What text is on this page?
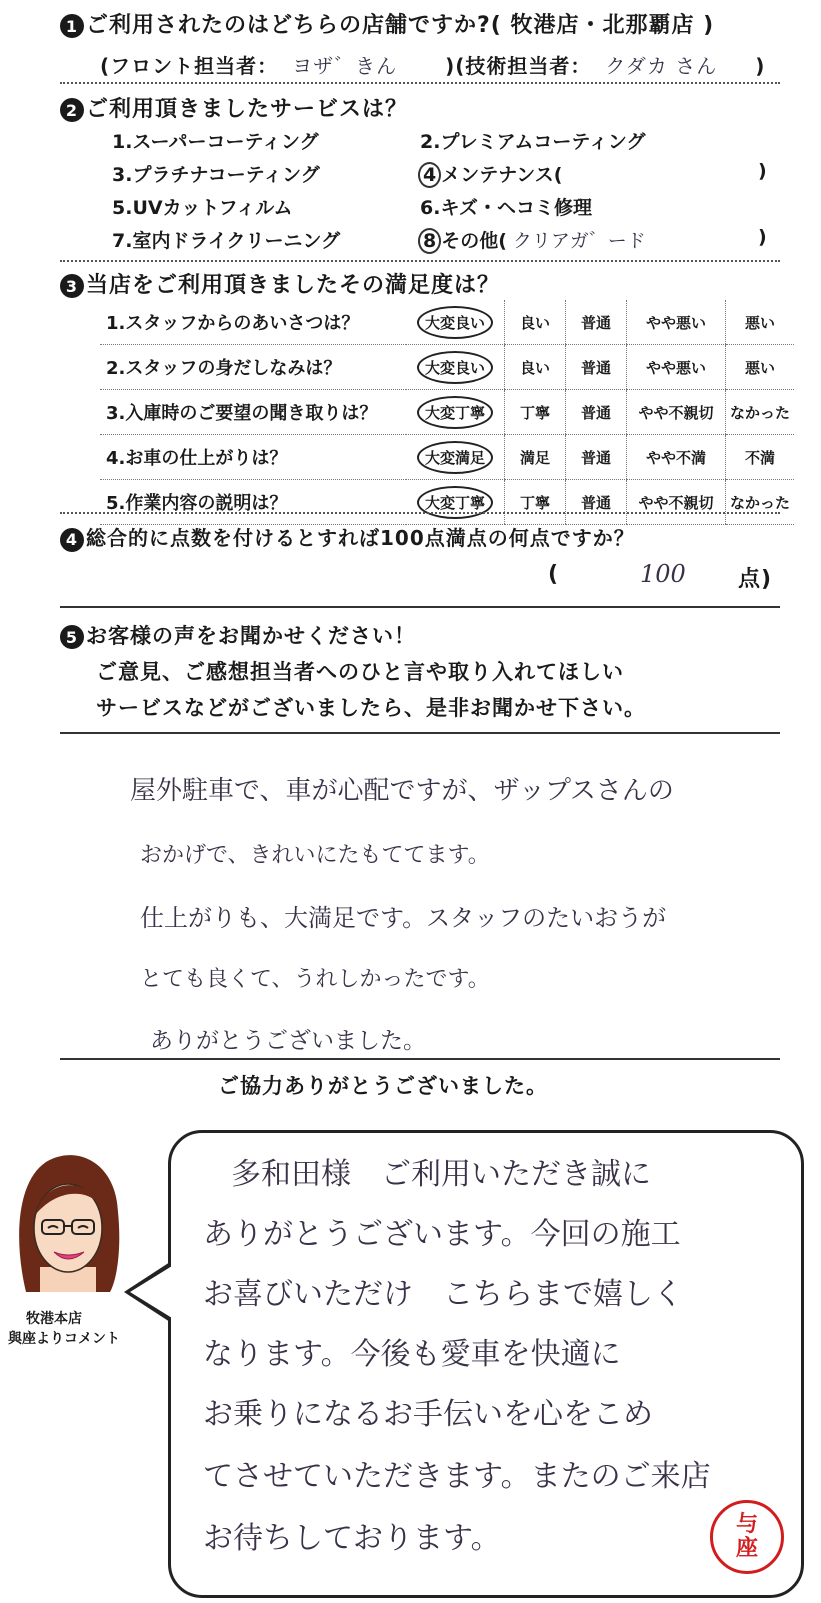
1 ご利用されたのはどちらの店舗ですか?( 牧港店・北那覇店 )
(フロント担当者： ヨザ゛きん )(技術担当者： クダカ さん )
2 ご利用頂きましたサービスは？
1.スーパーコーティング	2.プレミアムコーティング
3.プラチナコーティング	4 メンテナンス(	)
5.UVカットフィルム	6.キズ・ヘコミ修理
7.室内ドライクリーニング	8 その他( クリアガ゛ード	)
3 当店をご利用頂きましたその満足度は？
1.スタッフからのあいさつは？	大変良い	良い	普通	やや悪い	悪い
2.スタッフの身だしなみは？	大変良い	良い	普通	やや悪い	悪い
3.入庫時のご要望の聞き取りは？	大変丁寧	丁寧	普通	やや不親切	なかった
4.お車の仕上がりは？	大変満足	満足	普通	やや不満	不満
5.作業内容の説明は？	大変丁寧	丁寧	普通	やや不親切	なかった
4 総合的に点数を付けるとすれば100点満点の何点ですか？
(	100 点)
5 お客様の声をお聞かせください！
ご意見、ご感想担当者へのひと言や取り入れてほしい
サービスなどがございましたら、是非お聞かせ下さい。
屋外駐車で、車が心配ですが、ザップスさんの
おかげで、きれいにたもててます。
仕上がりも、大満足です。スタッフのたいおうが
とても良くて、うれしかったです。
ありがとうございました。
ご協力ありがとうございました。
牧港本店
與座よりコメント
多和田様　ご利用いただき誠に
ありがとうございます。今回の施工
お喜びいただけ　こちらまで嬉しく
なります。今後も愛車を快適に
お乗りになるお手伝いを心をこめ
てさせていただきます。またのご来店
お待ちしております。	与
座
